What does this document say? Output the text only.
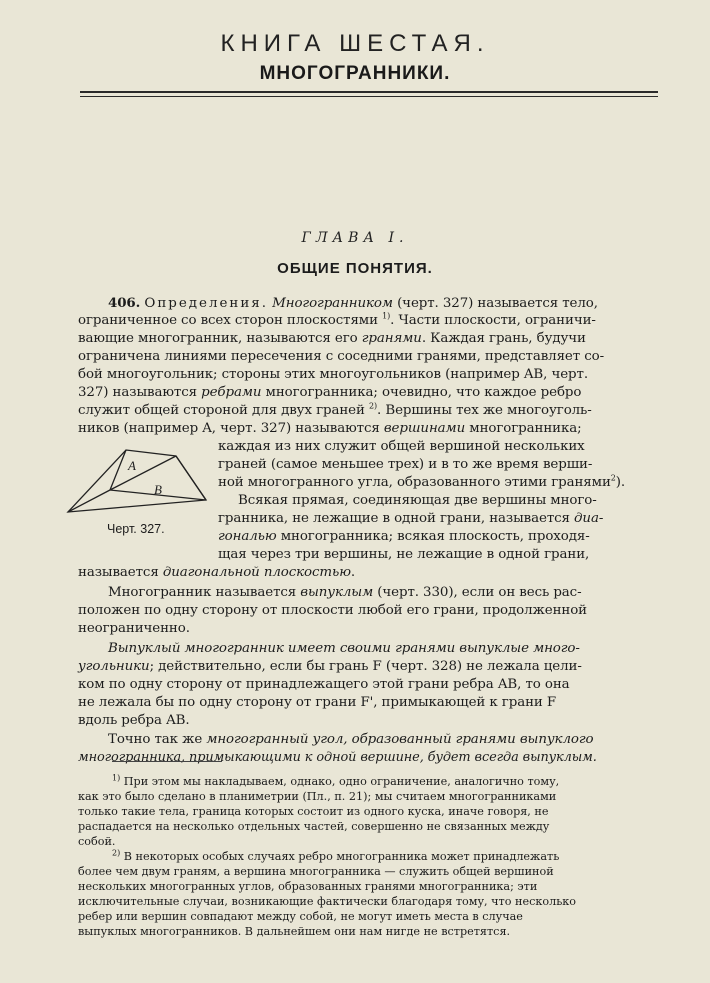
КНИГА ШЕСТАЯ.
МНОГОГРАННИКИ.
ГЛАВА I.
ОБЩИЕ ПОНЯТИЯ.
406. Определения. Многогранником (черт. 327) называется тело,
ограниченное со всех сторон плоскостями $^{1)}$. Части плоскости, ограничи-
вающие многогранник, называются его гранями. Каждая грань, будучи
ограничена линиями пересечения с соседними гранями, представляет со-
бой многоугольник; стороны этих многоугольников (например AB, черт.
327) называются ребрами многогранника; очевидно, что каждое ребро
служит общей стороной для двух граней $^{2)}$. Вершины тех же многоуголь-
ников (например A, черт. 327) называются вершинами многогранника;
каждая из них служит общей вершиной нескольких
граней (самое меньшее трех) и в то же время верши-
ной многогранного угла, образованного этими гранями$^2$).
A
B
Черт. 327.
Всякая прямая, соединяющая две вершины много-
гранника, не лежащие в одной грани, называется диа-
гональю многогранника; всякая плоскость, проходя-
щая через три вершины, не лежащие в одной грани,
называется диагональной плоскостью.
Многогранник называется выпуклым (черт. 330), если он весь рас-
положен по одну сторону от плоскости любой его грани, продолженной
неограниченно.
Выпуклый многогранник имеет своими гранями выпуклые много-
угольники; действительно, если бы грань F (черт. 328) не лежала цели-
ком по одну сторону от принадлежащего этой грани ребра AB, то она
не лежала бы по одну сторону от грани F', примыкающей к грани F
вдоль ребра AB.
Точно так же многогранный угол, образованный гранями выпуклого
многогранника, примыкающими к одной вершине, будет всегда выпуклым.
$^{1)}$ При этом мы накладываем, однако, одно ограничение, аналогично тому,
как это было сделано в планиметрии (Пл., п. 21); мы считаем многогранниками
только такие тела, граница которых состоит из одного куска, иначе говоря, не
распадается на несколько отдельных частей, совершенно не связанных между
собой.
$^{2)}$ В некоторых особых случаях ребро многогранника может принадлежать
более чем двум граням, а вершина многогранника — служить общей вершиной
нескольких многогранных углов, образованных гранями многогранника; эти
исключительные случаи, возникающие фактически благодаря тому, что несколько
ребер или вершин совпадают между собой, не могут иметь места в случае
выпуклых многогранников. В дальнейшем они нам нигде не встретятся.
